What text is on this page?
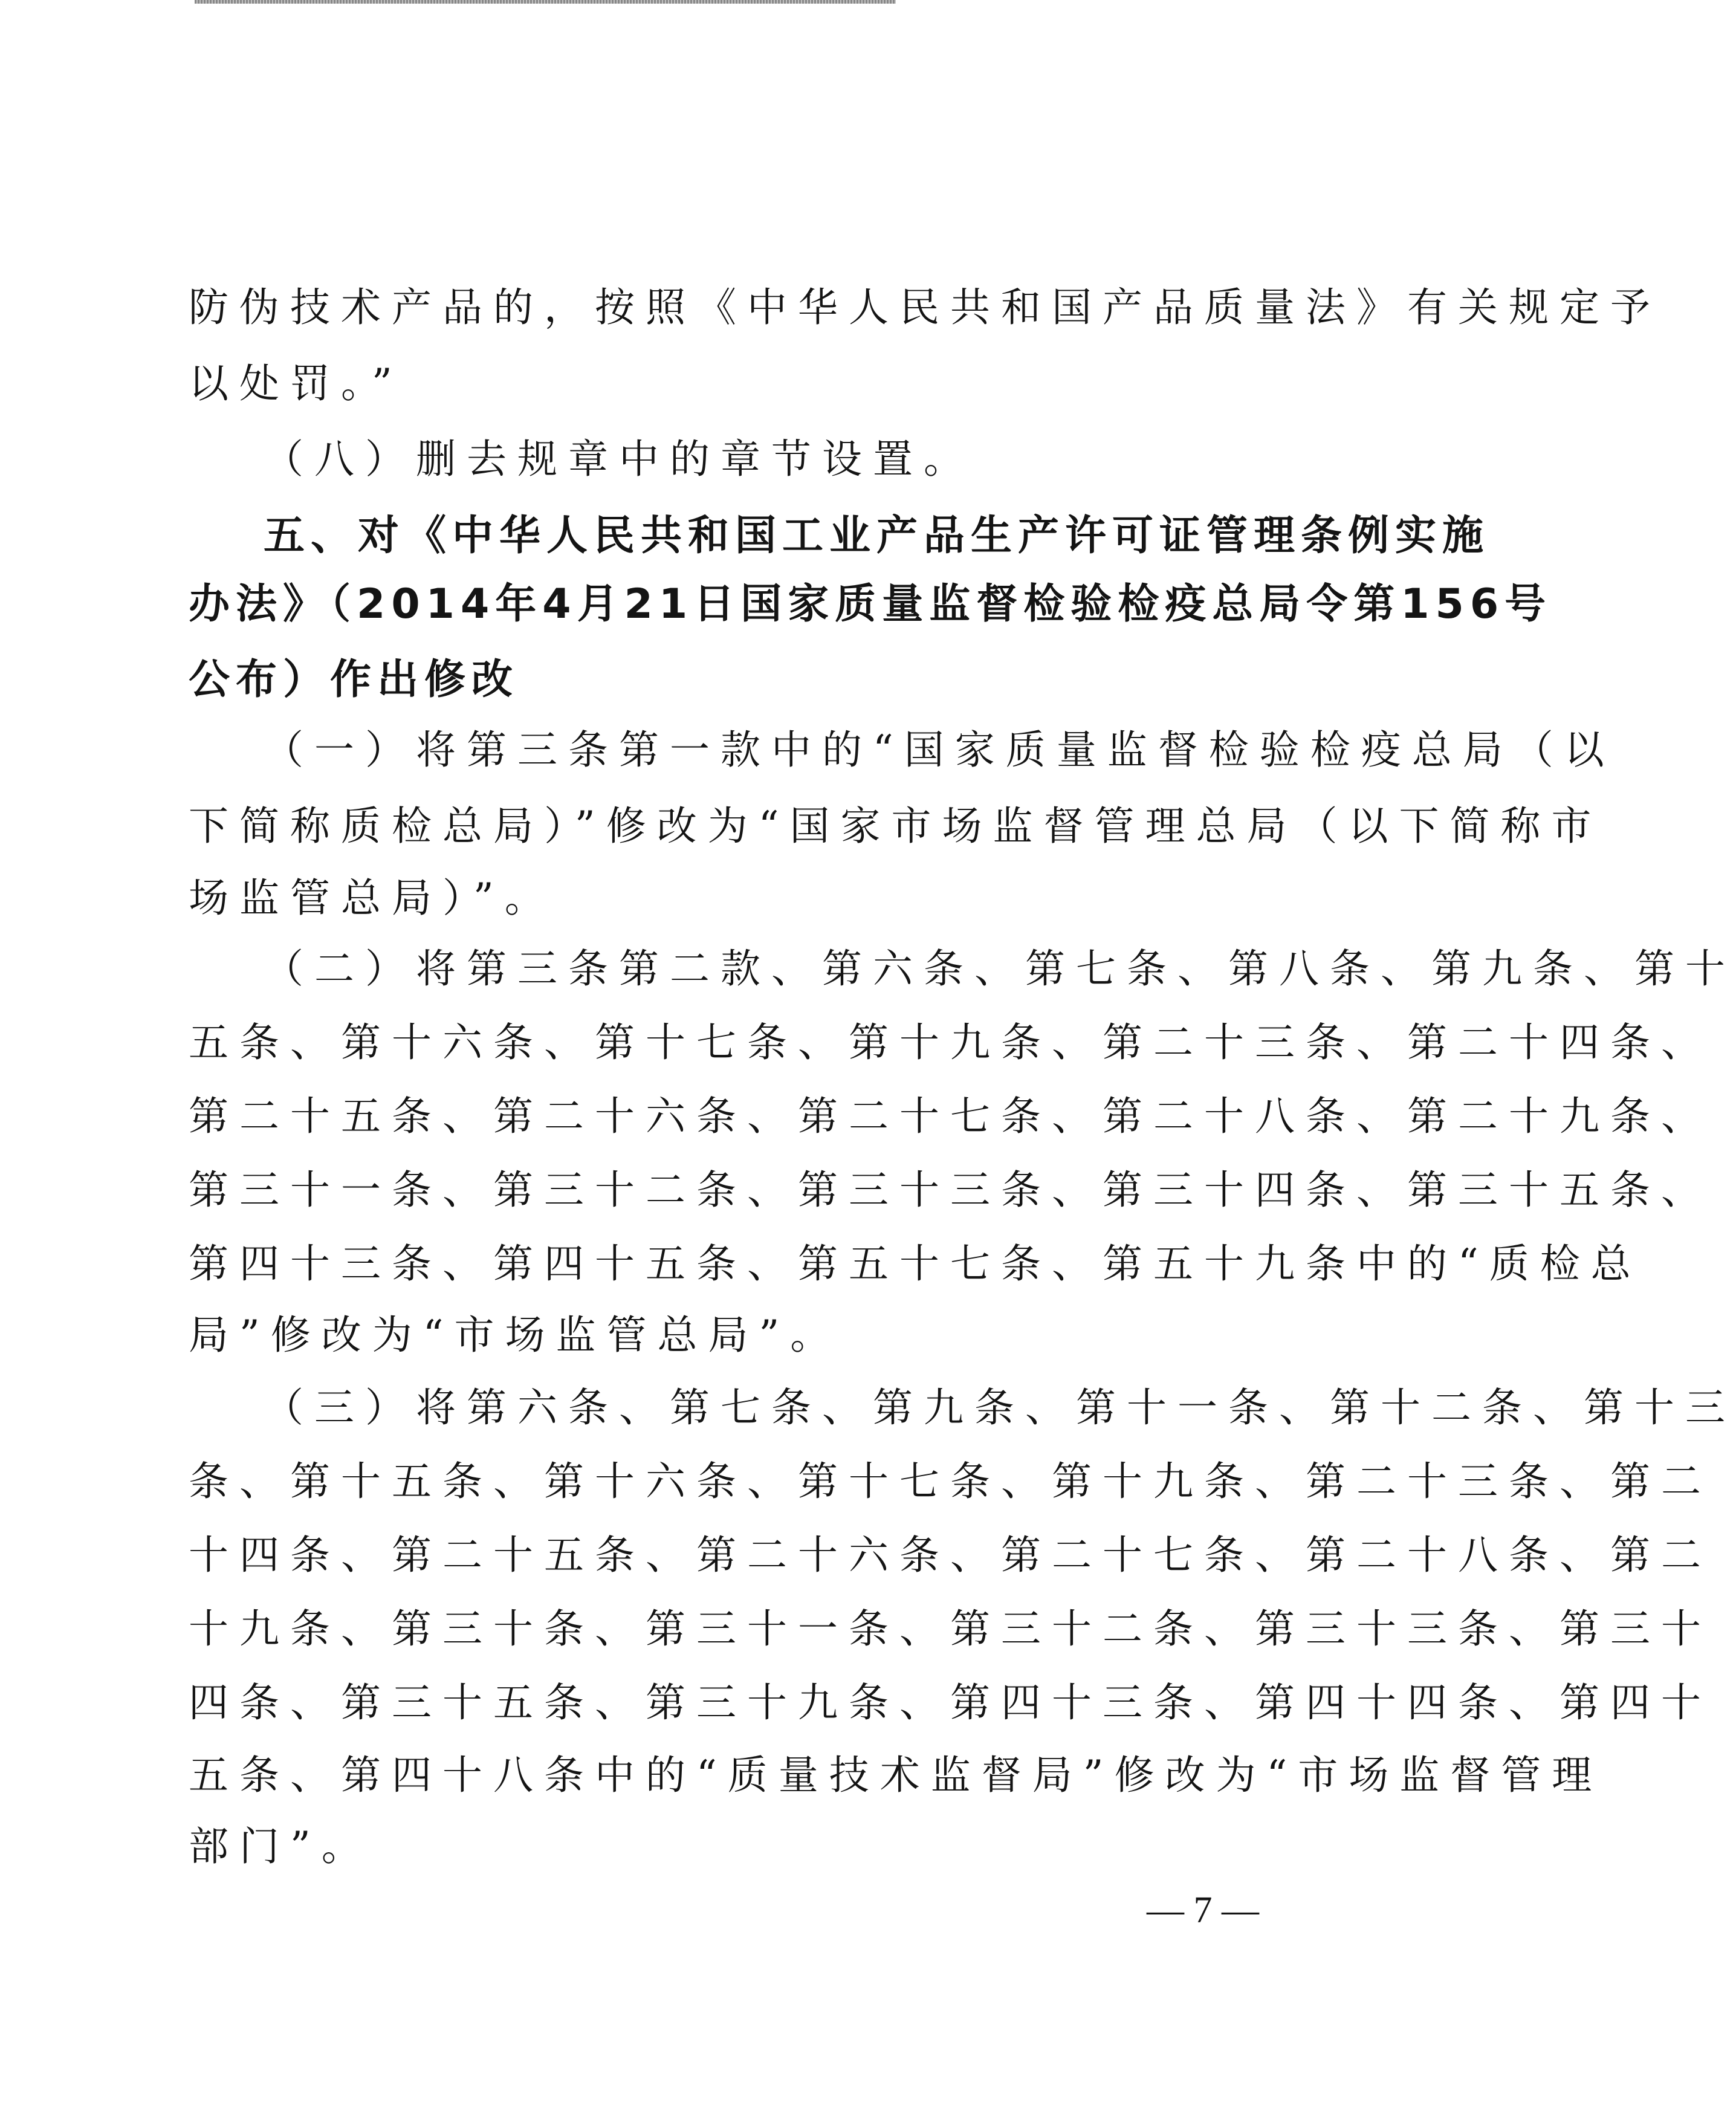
防伪技术产品的，按照《中华人民共和国产品质量法》有关规定予
以处罚。”
（八）删去规章中的章节设置。
五、对《中华人民共和国工业产品生产许可证管理条例实施
办法》（2014年4月21日国家质量监督检验检疫总局令第156号
公布）作出修改
（一）将第三条第一款中的“国家质量监督检验检疫总局（以
下简称质检总局）”修改为“国家市场监督管理总局（以下简称市
场监管总局）”。
（二）将第三条第二款、第六条、第七条、第八条、第九条、第十
五条、第十六条、第十七条、第十九条、第二十三条、第二十四条、
第二十五条、第二十六条、第二十七条、第二十八条、第二十九条、
第三十一条、第三十二条、第三十三条、第三十四条、第三十五条、
第四十三条、第四十五条、第五十七条、第五十九条中的“质检总
局”修改为“市场监管总局”。
（三）将第六条、第七条、第九条、第十一条、第十二条、第十三
条、第十五条、第十六条、第十七条、第十九条、第二十三条、第二
十四条、第二十五条、第二十六条、第二十七条、第二十八条、第二
十九条、第三十条、第三十一条、第三十二条、第三十三条、第三十
四条、第三十五条、第三十九条、第四十三条、第四十四条、第四十
五条、第四十八条中的“质量技术监督局”修改为“市场监督管理
部门”。
— 7 —
